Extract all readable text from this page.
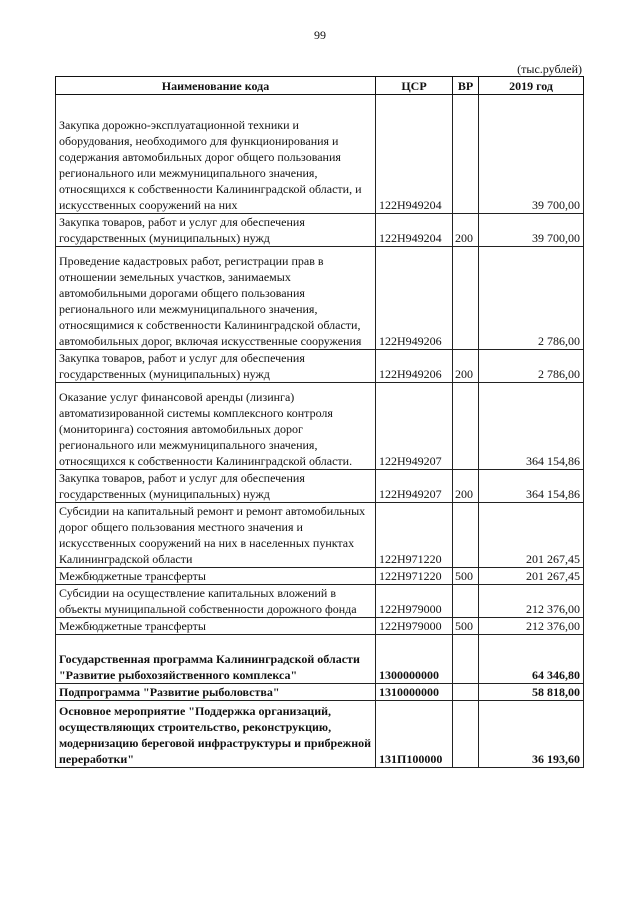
99
(тыс.рублей)
Наименование кода	ЦСР	ВР	2019 год
Закупка дорожно-эксплуатационной техники и оборудования, необходимого для функционирования и содержания автомобильных дорог общего пользования регионального или межмуниципального значения, относящихся к собственности Калининградской области, и искусственных сооружений на них	122H949204		39 700,00
Закупка товаров, работ и услуг для обеспечения государственных (муниципальных) нужд	122H949204	200	39 700,00
Проведение кадастровых работ, регистрации прав в отношении земельных участков, занимаемых автомобильными дорогами общего пользования регионального или межмуниципального значения, относящимися к собственности Калининградской области, автомобильных дорог, включая искусственные сооружения	122H949206		2 786,00
Закупка товаров, работ и услуг для обеспечения государственных (муниципальных) нужд	122H949206	200	2 786,00
Оказание услуг финансовой аренды (лизинга) автоматизированной системы комплексного контроля (мониторинга) состояния автомобильных дорог регионального или межмуниципального значения, относящихся к собственности Калининградской области.	122H949207		364 154,86
Закупка товаров, работ и услуг для обеспечения государственных (муниципальных) нужд	122H949207	200	364 154,86
Субсидии на капитальный ремонт и ремонт автомобильных дорог общего пользования местного значения и искусственных сооружений на них в населенных пунктах Калининградской области	122H971220		201 267,45
Межбюджетные трансферты	122H971220	500	201 267,45
Субсидии на осуществление капитальных вложений в объекты муниципальной собственности дорожного фонда	122H979000		212 376,00
Межбюджетные трансферты	122H979000	500	212 376,00
Государственная программа Калининградской области "Развитие рыбохозяйственного комплекса"	1300000000		64 346,80
Подпрограмма "Развитие рыболовства"	1310000000		58 818,00
Основное мероприятие "Поддержка организаций, осуществляющих строительство, реконструкцию, модернизацию береговой инфраструктуры и прибрежной переработки"	131П100000		36 193,60
